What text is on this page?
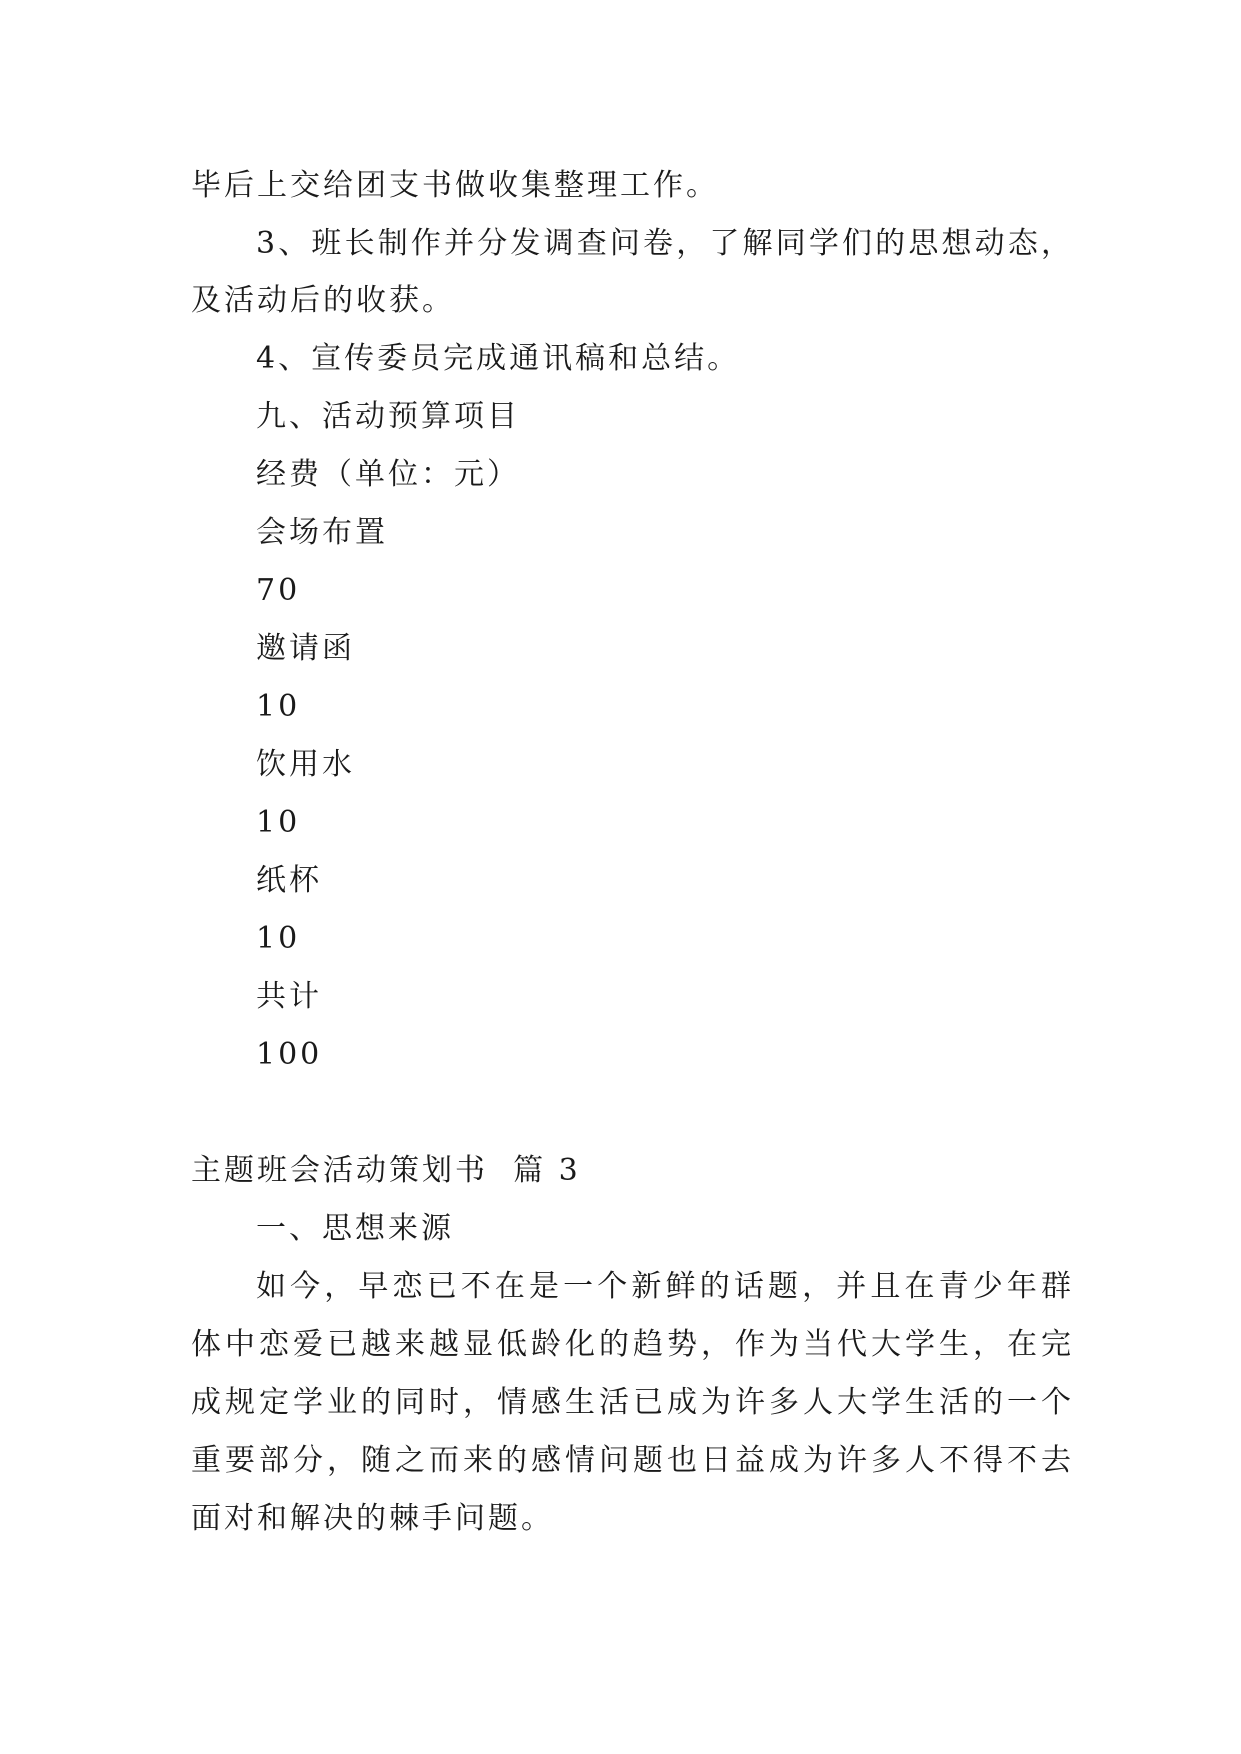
毕后上交给团支书做收集整理工作。
3、班长制作并分发调查问卷，了解同学们的思想动态，
及活动后的收获。
4、宣传委员完成通讯稿和总结。
九、活动预算项目
经费（单位：元）
会场布置
70
邀请函
10
饮用水
10
纸杯
10
共计
100
主题班会活动策划书  篇 3
一、思想来源
如今，早恋已不在是一个新鲜的话题，并且在青少年群
体中恋爱已越来越显低龄化的趋势，作为当代大学生，在完
成规定学业的同时，情感生活已成为许多人大学生活的一个
重要部分，随之而来的感情问题也日益成为许多人不得不去
面对和解决的棘手问题。
